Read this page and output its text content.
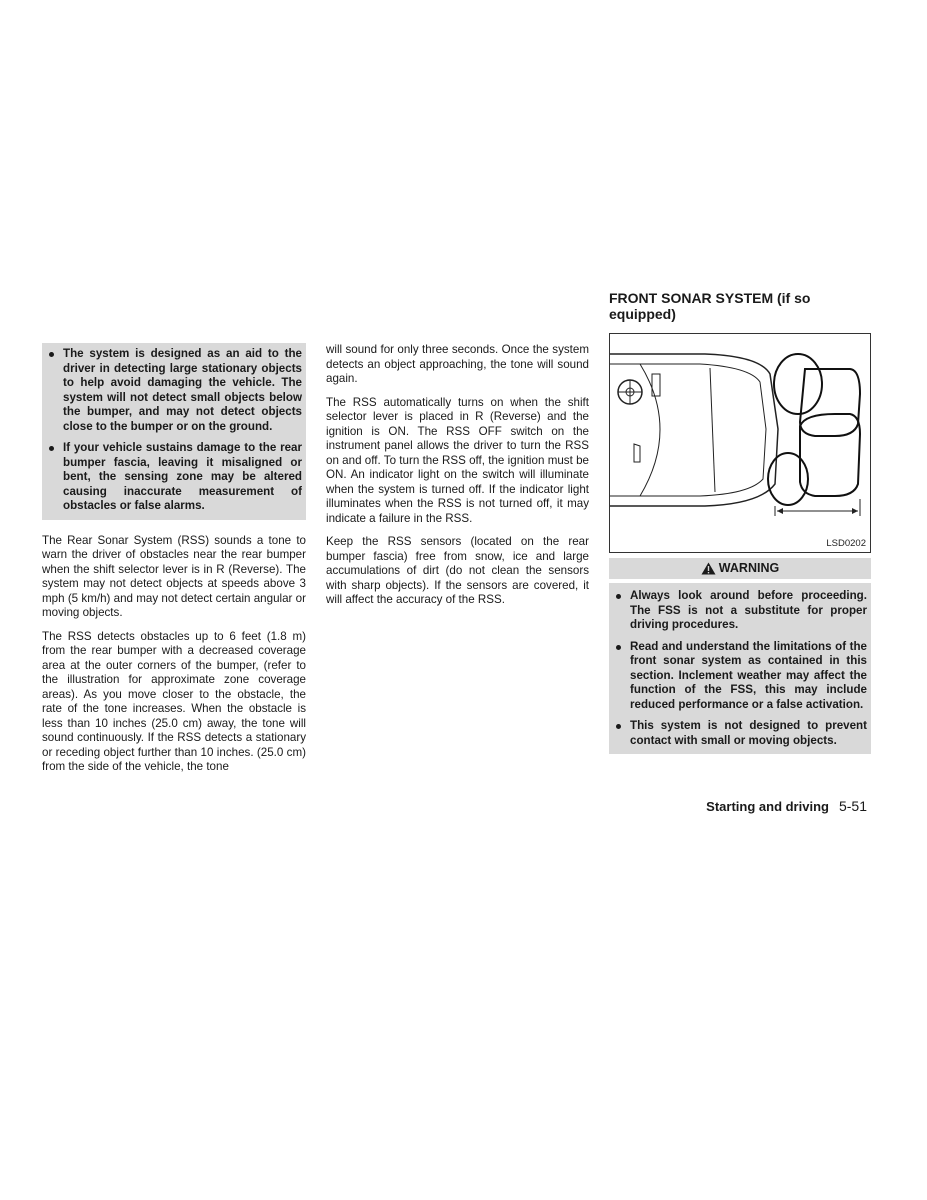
The system is designed as an aid to the driver in detecting large stationary objects to help avoid damaging the vehicle. The system will not detect small objects below the bumper, and may not detect objects close to the bumper or on the ground.
If your vehicle sustains damage to the rear bumper fascia, leaving it misaligned or bent, the sensing zone may be altered causing inaccurate measurement of obstacles or false alarms.

The Rear Sonar System (RSS) sounds a tone to warn the driver of obstacles near the rear bumper when the shift selector lever is in R (Reverse). The system may not detect objects at speeds above 3 mph (5 km/h) and may not detect certain angular or moving objects.

The RSS detects obstacles up to 6 feet (1.8 m) from the rear bumper with a decreased coverage area at the outer corners of the bumper, (refer to the illustration for approximate zone coverage areas). As you move closer to the obstacle, the rate of the tone increases. When the obstacle is less than 10 inches (25.0 cm) away, the tone will sound continuously. If the RSS detects a stationary or receding object further than 10 inches. (25.0 cm) from the side of the vehicle, the tone

will sound for only three seconds. Once the system detects an object approaching, the tone will sound again.

The RSS automatically turns on when the shift selector lever is placed in R (Reverse) and the ignition is ON. The RSS OFF switch on the instrument panel allows the driver to turn the RSS on and off. To turn the RSS off, the ignition must be ON. An indicator light on the switch will illuminate when the system is turned off. If the indicator light illuminates when the RSS is not turned off, it may indicate a failure in the RSS.

Keep the RSS sensors (located on the rear bumper fascia) free from snow, ice and large accumulations of dirt (do not clean the sensors with sharp objects). If the sensors are covered, it will affect the accuracy of the RSS.

FRONT SONAR SYSTEM (if so equipped)
LSD0202
WARNING
Always look around before proceeding. The FSS is not a substitute for proper driving procedures.
Read and understand the limitations of the front sonar system as contained in this section. Inclement weather may affect the function of the FSS, this may include reduced performance or a false activation.
This system is not designed to prevent contact with small or moving objects.
Starting and driving 5-51
